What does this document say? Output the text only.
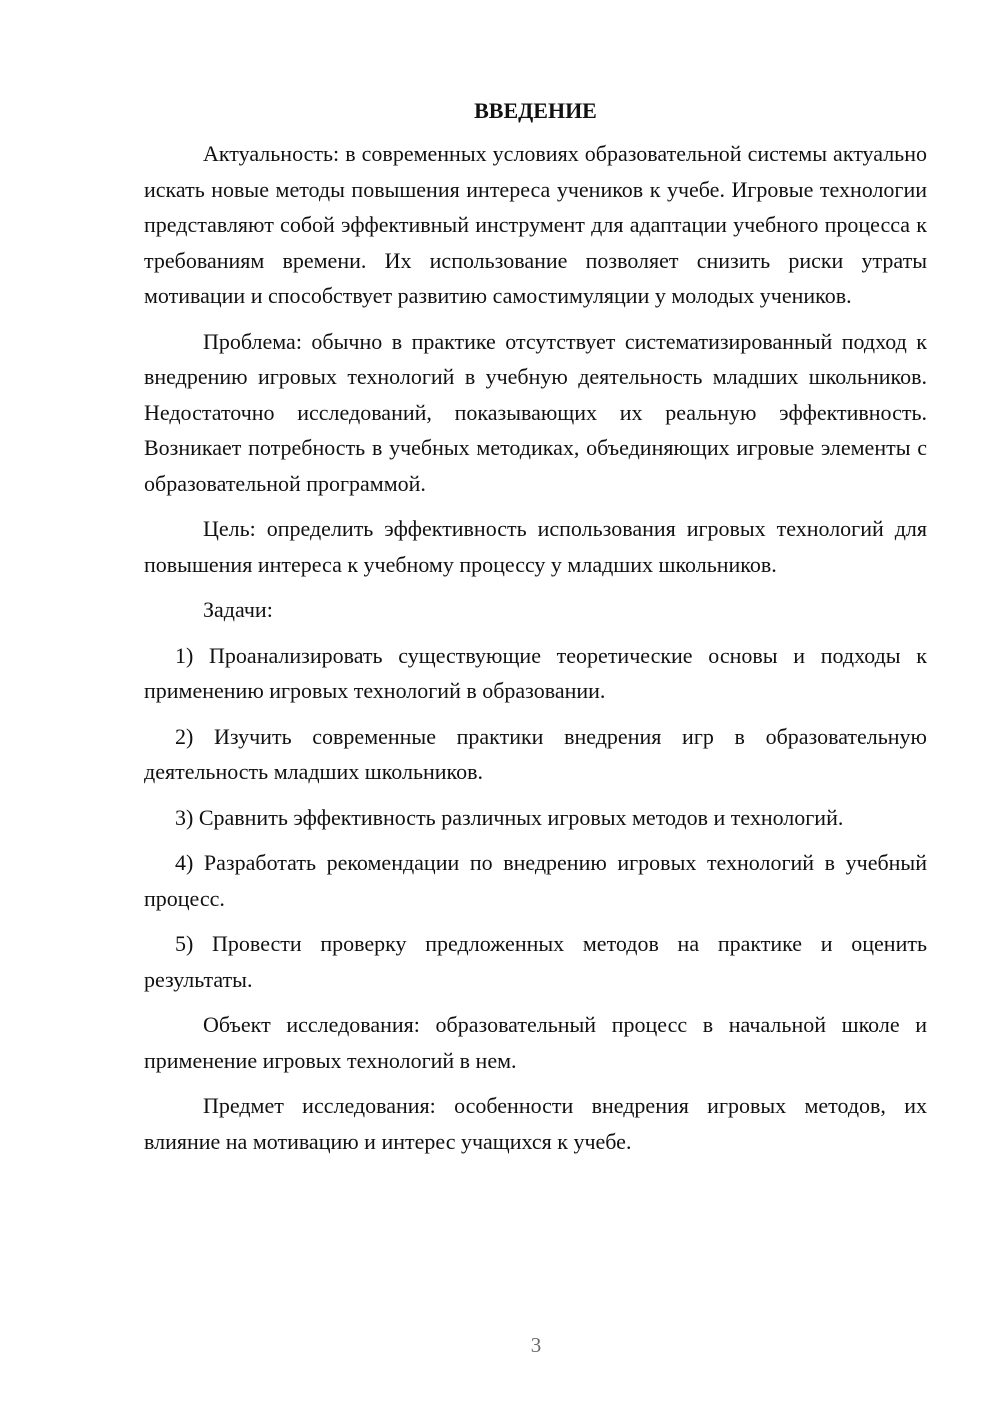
ВВЕДЕНИЕ

Актуальность: в современных условиях образовательной системы актуально искать новые методы повышения интереса учеников к учебе. Игровые технологии представляют собой эффективный инструмент для адаптации учебного процесса к требованиям времени. Их использование позволяет снизить риски утраты мотивации и способствует развитию самостимуляции у молодых учеников.

Проблема: обычно в практике отсутствует систематизированный подход к внедрению игровых технологий в учебную деятельность младших школьников. Недостаточно исследований, показывающих их реальную эффективность. Возникает потребность в учебных методиках, объединяющих игровые элементы с образовательной программой.

Цель: определить эффективность использования игровых технологий для повышения интереса к учебному процессу у младших школьников.

Задачи:

1) Проанализировать существующие теоретические основы и подходы к применению игровых технологий в образовании.

2) Изучить современные практики внедрения игр в образовательную деятельность младших школьников.

3) Сравнить эффективность различных игровых методов и технологий.

4) Разработать рекомендации по внедрению игровых технологий в учебный процесс.

5) Провести проверку предложенных методов на практике и оценить результаты.

Объект исследования: образовательный процесс в начальной школе и применение игровых технологий в нем.

Предмет исследования: особенности внедрения игровых методов, их влияние на мотивацию и интерес учащихся к учебе.

3
